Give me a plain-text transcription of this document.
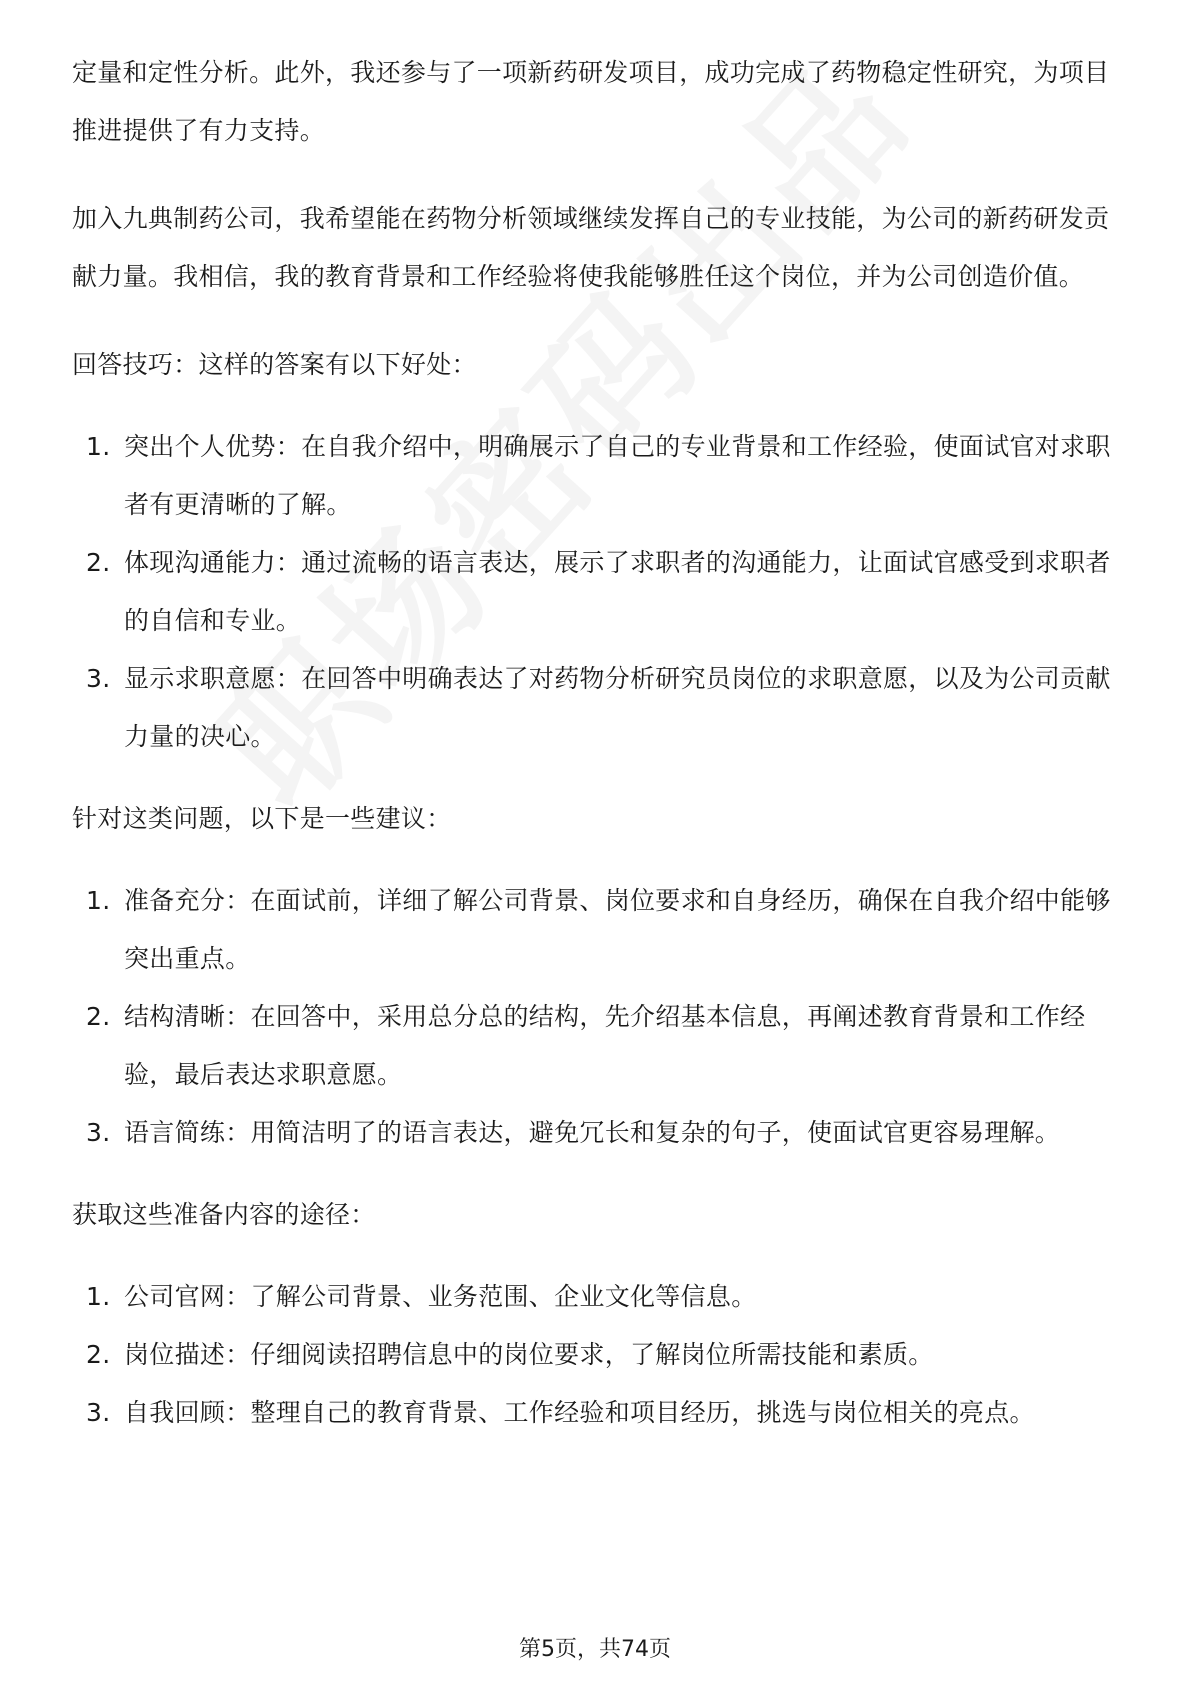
定量和定性分析。此外，我还参与了一项新药研发项目，成功完成了药物稳定性研究，为项目推进提供了有力支持。

加入九典制药公司，我希望能在药物分析领域继续发挥自己的专业技能，为公司的新药研发贡献力量。我相信，我的教育背景和工作经验将使我能够胜任这个岗位，并为公司创造价值。

回答技巧：这样的答案有以下好处：

1. 突出个人优势：在自我介绍中，明确展示了自己的专业背景和工作经验，使面试官对求职者有更清晰的了解。
2. 体现沟通能力：通过流畅的语言表达，展示了求职者的沟通能力，让面试官感受到求职者的自信和专业。
3. 显示求职意愿：在回答中明确表达了对药物分析研究员岗位的求职意愿，以及为公司贡献力量的决心。

针对这类问题，以下是一些建议：

1. 准备充分：在面试前，详细了解公司背景、岗位要求和自身经历，确保在自我介绍中能够突出重点。
2. 结构清晰：在回答中，采用总分总的结构，先介绍基本信息，再阐述教育背景和工作经验，最后表达求职意愿。
3. 语言简练：用简洁明了的语言表达，避免冗长和复杂的句子，使面试官更容易理解。

获取这些准备内容的途径：

1. 公司官网：了解公司背景、业务范围、企业文化等信息。
2. 岗位描述：仔细阅读招聘信息中的岗位要求，了解岗位所需技能和素质。
3. 自我回顾：整理自己的教育背景、工作经验和项目经历，挑选与岗位相关的亮点。
第5页，共74页
